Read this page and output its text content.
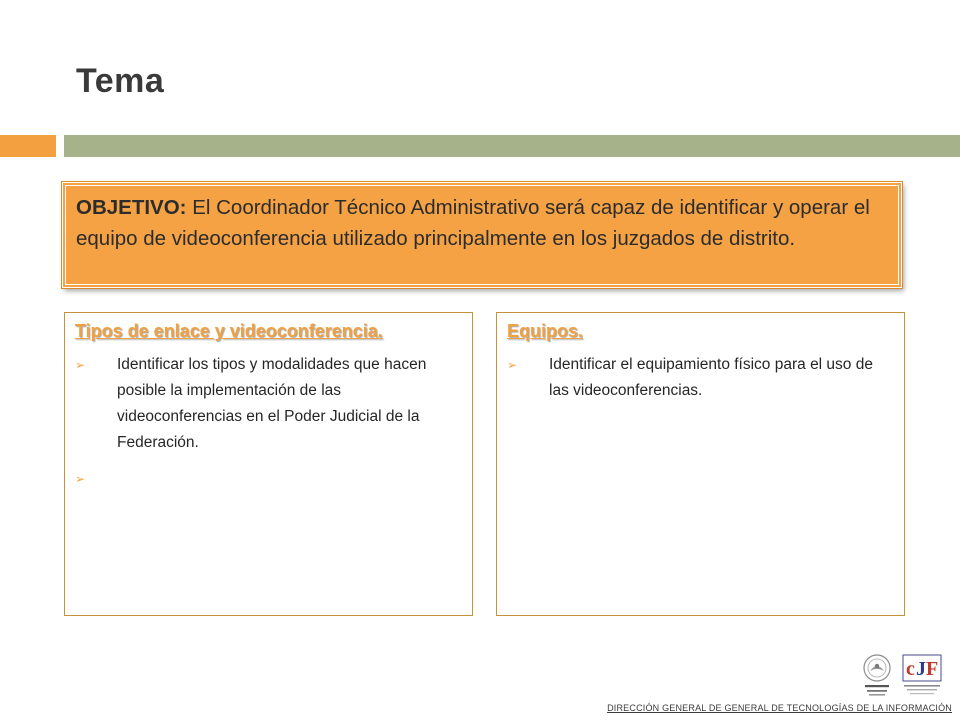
Tema
OBJETIVO: El Coordinador Técnico Administrativo será capaz de identificar y operar el equipo de videoconferencia utilizado principalmente en los juzgados de distrito.
Tipos de enlace y videoconferencia.
➢	Identificar los tipos y modalidades que hacen posible la implementación de las videoconferencias en el Poder Judicial de la Federación.
➢
Equipos.
➢	Identificar el equipamiento físico para el uso de las videoconferencias.
c J F
DIRECCIÓN GENERAL DE GENERAL DE TECNOLOGÍAS DE LA INFORMACIÓN
